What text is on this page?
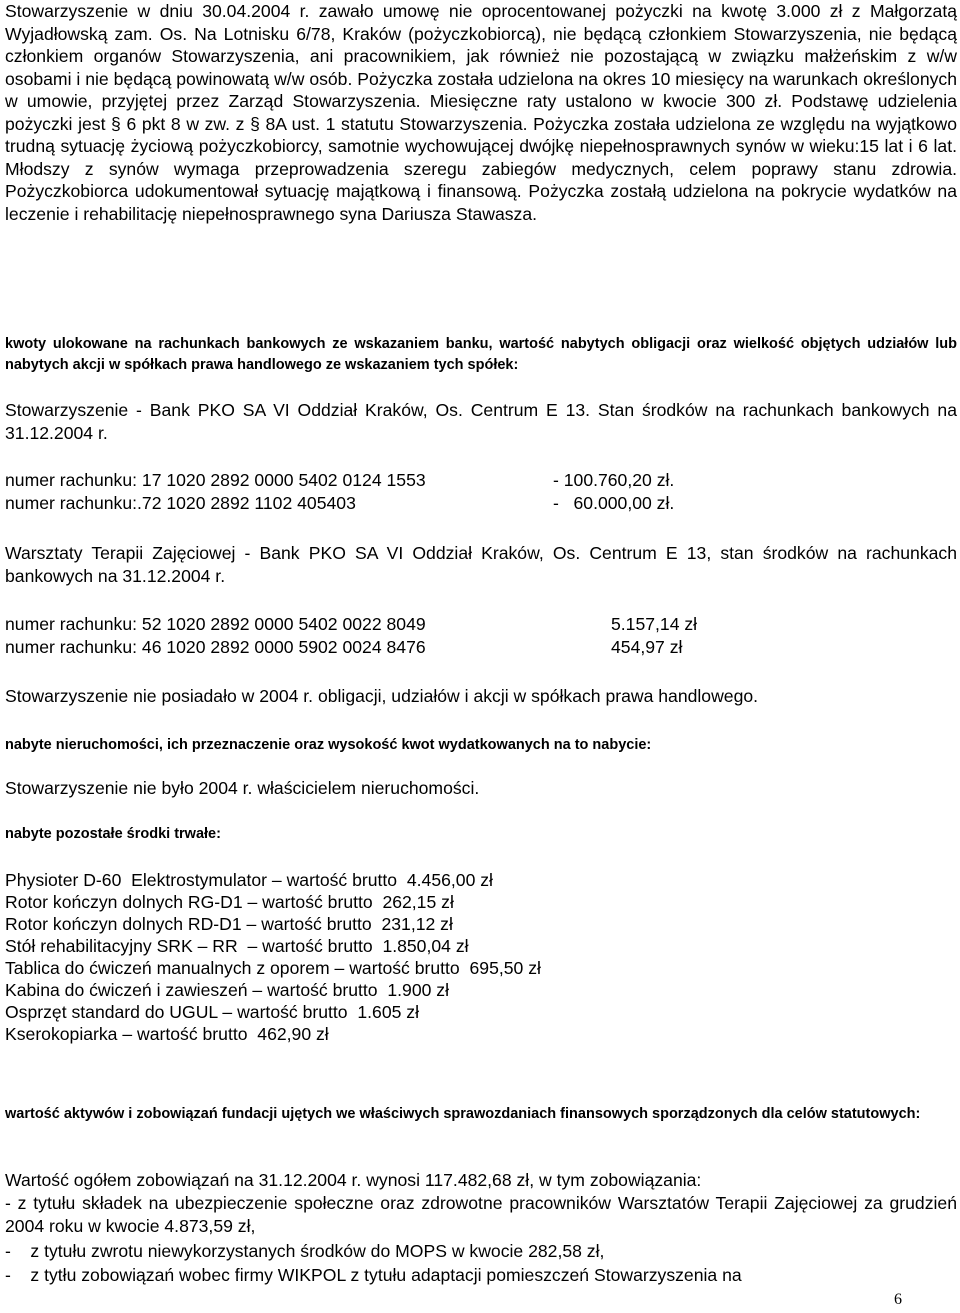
Stowarzyszenie w dniu 30.04.2004 r. zawało umowę nie oprocentowanej pożyczki na kwotę 3.000 zł z Małgorzatą Wyjadłowską zam. Os. Na Lotnisku 6/78, Kraków (pożyczkobiorcą), nie będącą członkiem Stowarzyszenia, nie będącą członkiem organów Stowarzyszenia, ani pracownikiem, jak również nie pozostającą w związku małżeńskim z w/w osobami i nie będącą powinowatą w/w osób. Pożyczka została udzielona na okres 10 miesięcy na warunkach określonych w umowie, przyjętej przez Zarząd Stowarzyszenia. Miesięczne raty ustalono w kwocie 300 zł. Podstawę udzielenia pożyczki jest § 6 pkt 8 w zw. z § 8A ust. 1 statutu Stowarzyszenia. Pożyczka została udzielona ze względu na wyjątkowo trudną sytuację życiową pożyczkobiorcy, samotnie wychowującej dwójkę niepełnosprawnych synów w wieku:15 lat i 6 lat. Młodszy z synów wymaga przeprowadzenia szeregu zabiegów medycznych, celem poprawy stanu zdrowia. Pożyczkobiorca udokumentował sytuację majątkową i finansową. Pożyczka zostałą udzielona na pokrycie wydatków na leczenie i rehabilitację niepełnosprawnego syna Dariusza Stawasza.

kwoty ulokowane na rachunkach bankowych ze wskazaniem banku, wartość nabytych obligacji oraz wielkość objętych udziałów lub nabytych akcji w spółkach prawa handlowego ze wskazaniem tych spółek:

Stowarzyszenie - Bank PKO SA VI Oddział Kraków, Os. Centrum E 13. Stan środków na rachunkach bankowych na 31.12.2004 r.

numer rachunku: 17 1020 2892 0000 5402 0124 1553	- 100.760,20 zł.
numer rachunku:.72 1020 2892 1102 405403	-   60.000,00 zł.

Warsztaty Terapii Zajęciowej - Bank PKO SA VI Oddział Kraków, Os. Centrum E 13, stan środków na rachunkach bankowych na 31.12.2004 r.

numer rachunku: 52 1020 2892 0000 5402 0022 8049	5.157,14 zł
numer rachunku: 46 1020 2892 0000 5902 0024 8476	454,97 zł

Stowarzyszenie nie posiadało w 2004 r. obligacji, udziałów i akcji w spółkach prawa handlowego.

nabyte nieruchomości, ich przeznaczenie oraz wysokość kwot wydatkowanych na to nabycie:

Stowarzyszenie nie było 2004 r. właścicielem nieruchomości.

nabyte pozostałe środki trwałe:

Physioter D-60  Elektrostymulator – wartość brutto  4.456,00 zł

Rotor kończyn dolnych RG-D1 – wartość brutto  262,15 zł

Rotor kończyn dolnych RD-D1 – wartość brutto  231,12 zł

Stół rehabilitacyjny SRK – RR  – wartość brutto  1.850,04 zł

Tablica do ćwiczeń manualnych z oporem – wartość brutto  695,50 zł

Kabina do ćwiczeń i zawieszeń – wartość brutto  1.900 zł

Osprzęt standard do UGUL – wartość brutto  1.605 zł

Kserokopiarka – wartość brutto  462,90 zł

wartość aktywów i zobowiązań fundacji ujętych we właściwych sprawozdaniach finansowych sporządzonych dla celów statutowych:

Wartość ogółem zobowiązań na 31.12.2004 r. wynosi 117.482,68 zł, w tym zobowiązania:

- z tytułu składek na ubezpieczenie społeczne oraz zdrowotne pracowników Warsztatów Terapii Zajęciowej za grudzień 2004 roku w kwocie 4.873,59 zł,

-    z tytułu zwrotu niewykorzystanych środków do MOPS w kwocie 282,58 zł,

-    z tytłu zobowiązań wobec firmy WIKPOL z tytułu adaptacji pomieszczeń Stowarzyszenia na

6
